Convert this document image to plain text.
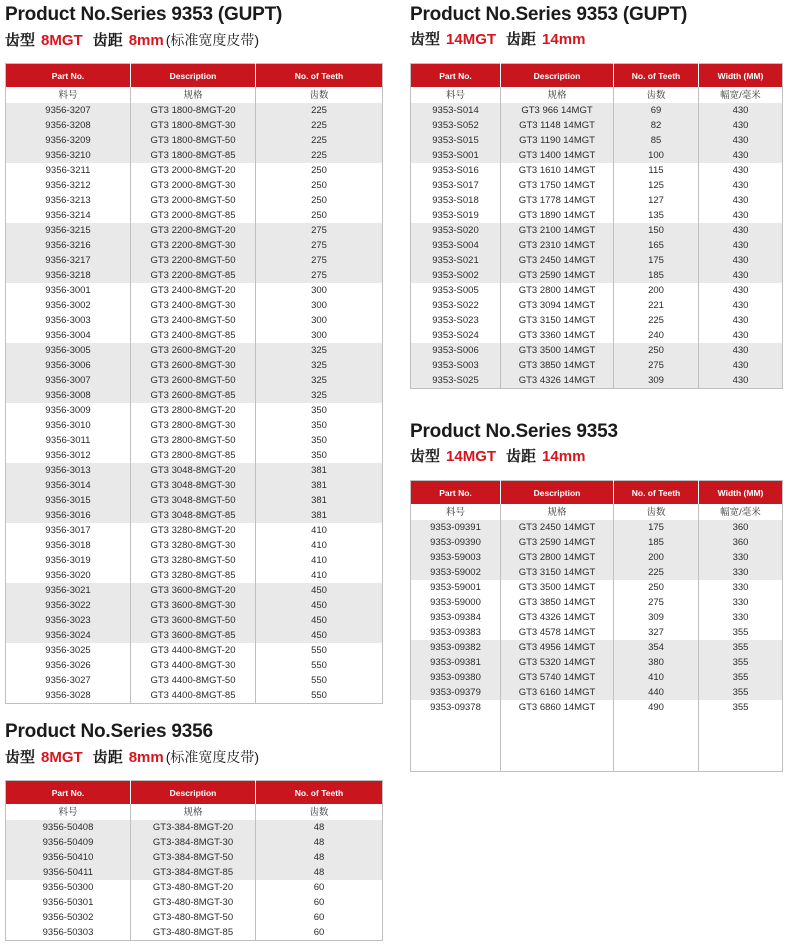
Product No.Series 9353 (GUPT)
齿型 8MGT 齿距 8mm (标准宽度皮带)
Part No.	Description	No. of Teeth
料号	规格	齿数
9356-3207	GT3 1800-8MGT-20	225
9356-3208	GT3 1800-8MGT-30	225
9356-3209	GT3 1800-8MGT-50	225
9356-3210	GT3 1800-8MGT-85	225
9356-3211	GT3 2000-8MGT-20	250
9356-3212	GT3 2000-8MGT-30	250
9356-3213	GT3 2000-8MGT-50	250
9356-3214	GT3 2000-8MGT-85	250
9356-3215	GT3 2200-8MGT-20	275
9356-3216	GT3 2200-8MGT-30	275
9356-3217	GT3 2200-8MGT-50	275
9356-3218	GT3 2200-8MGT-85	275
9356-3001	GT3 2400-8MGT-20	300
9356-3002	GT3 2400-8MGT-30	300
9356-3003	GT3 2400-8MGT-50	300
9356-3004	GT3 2400-8MGT-85	300
9356-3005	GT3 2600-8MGT-20	325
9356-3006	GT3 2600-8MGT-30	325
9356-3007	GT3 2600-8MGT-50	325
9356-3008	GT3 2600-8MGT-85	325
9356-3009	GT3 2800-8MGT-20	350
9356-3010	GT3 2800-8MGT-30	350
9356-3011	GT3 2800-8MGT-50	350
9356-3012	GT3 2800-8MGT-85	350
9356-3013	GT3 3048-8MGT-20	381
9356-3014	GT3 3048-8MGT-30	381
9356-3015	GT3 3048-8MGT-50	381
9356-3016	GT3 3048-8MGT-85	381
9356-3017	GT3 3280-8MGT-20	410
9356-3018	GT3 3280-8MGT-30	410
9356-3019	GT3 3280-8MGT-50	410
9356-3020	GT3 3280-8MGT-85	410
9356-3021	GT3 3600-8MGT-20	450
9356-3022	GT3 3600-8MGT-30	450
9356-3023	GT3 3600-8MGT-50	450
9356-3024	GT3 3600-8MGT-85	450
9356-3025	GT3 4400-8MGT-20	550
9356-3026	GT3 4400-8MGT-30	550
9356-3027	GT3 4400-8MGT-50	550
9356-3028	GT3 4400-8MGT-85	550
Product No.Series 9353 (GUPT)
齿型 14MGT 齿距 14mm
Part No.	Description	No. of Teeth	Width (MM)
料号	规格	齿数	幅宽/毫米
9353-S014	GT3 966 14MGT	69	430
9353-S052	GT3 1148 14MGT	82	430
9353-S015	GT3 1190 14MGT	85	430
9353-S001	GT3 1400 14MGT	100	430
9353-S016	GT3 1610 14MGT	115	430
9353-S017	GT3 1750 14MGT	125	430
9353-S018	GT3 1778 14MGT	127	430
9353-S019	GT3 1890 14MGT	135	430
9353-S020	GT3 2100 14MGT	150	430
9353-S004	GT3 2310 14MGT	165	430
9353-S021	GT3 2450 14MGT	175	430
9353-S002	GT3 2590 14MGT	185	430
9353-S005	GT3 2800 14MGT	200	430
9353-S022	GT3 3094 14MGT	221	430
9353-S023	GT3 3150 14MGT	225	430
9353-S024	GT3 3360 14MGT	240	430
9353-S006	GT3 3500 14MGT	250	430
9353-S003	GT3 3850 14MGT	275	430
9353-S025	GT3 4326 14MGT	309	430
Product No.Series 9353
齿型 14MGT 齿距 14mm
Part No.	Description	No. of Teeth	Width (MM)
料号	规格	齿数	幅宽/毫米
9353-09391	GT3 2450 14MGT	175	360
9353-09390	GT3 2590 14MGT	185	360
9353-59003	GT3 2800 14MGT	200	330
9353-59002	GT3 3150 14MGT	225	330
9353-59001	GT3 3500 14MGT	250	330
9353-59000	GT3 3850 14MGT	275	330
9353-09384	GT3 4326 14MGT	309	330
9353-09383	GT3 4578 14MGT	327	355
9353-09382	GT3 4956 14MGT	354	355
9353-09381	GT3 5320 14MGT	380	355
9353-09380	GT3 5740 14MGT	410	355
9353-09379	GT3 6160 14MGT	440	355
9353-09378	GT3 6860 14MGT	490	355

Product No.Series 9356
齿型 8MGT 齿距 8mm (标准宽度皮带)
Part No.	Description	No. of Teeth
料号	规格	齿数
9356-50408	GT3-384-8MGT-20	48
9356-50409	GT3-384-8MGT-30	48
9356-50410	GT3-384-8MGT-50	48
9356-50411	GT3-384-8MGT-85	48
9356-50300	GT3-480-8MGT-20	60
9356-50301	GT3-480-8MGT-30	60
9356-50302	GT3-480-8MGT-50	60
9356-50303	GT3-480-8MGT-85	60
